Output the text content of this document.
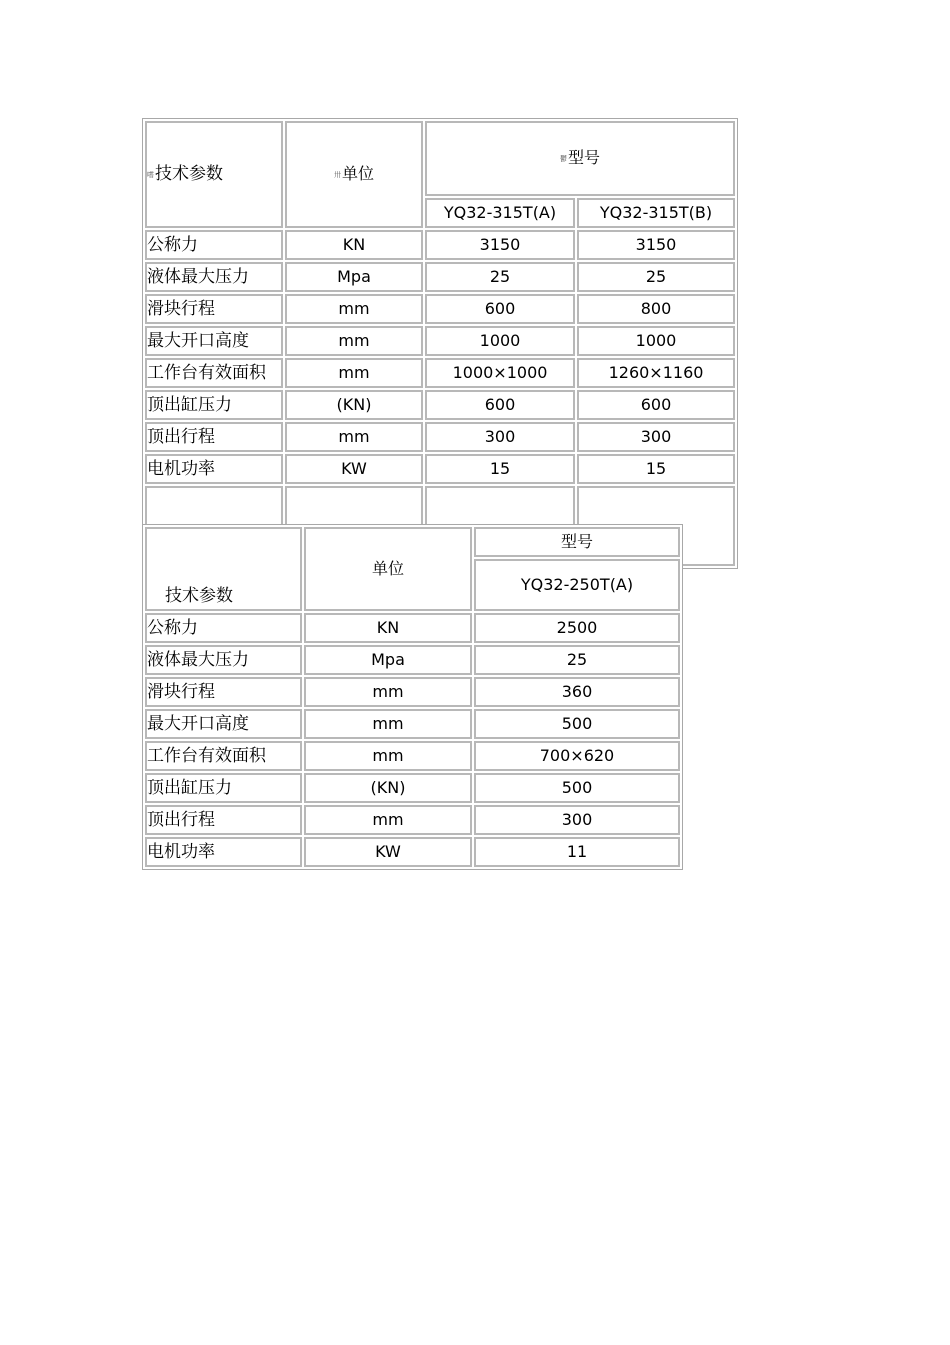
嗜技术参数	卅单位	鬱型号	
		YQ32-315T(A)	YQ32-315T(B)
公称力	KN	3150	3150
液体最大压力	Mpa	25	25
滑块行程	mm	600	800
最大开口高度	mm	1000	1000
工作台有效面积	mm	1000×1000	1260×1160
顶出缸压力	(KN)	600	600
顶出行程	mm	300	300
电机功率	KW	15	15

技术参数	单位	型号
		YQ32-250T(A)
公称力	KN	2500
液体最大压力	Mpa	25
滑块行程	mm	360
最大开口高度	mm	500
工作台有效面积	mm	700×620
顶出缸压力	(KN)	500
顶出行程	mm	300
电机功率	KW	11
